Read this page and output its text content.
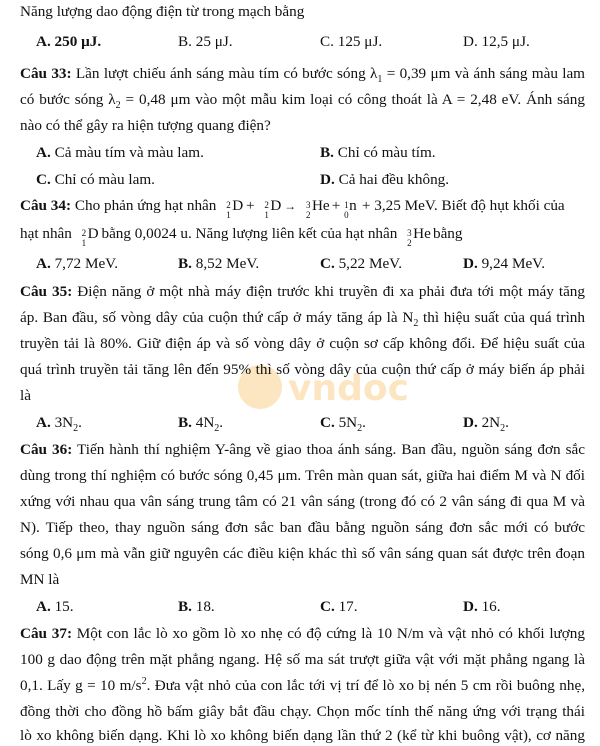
vndoc
Năng lượng dao động điện từ trong mạch bằng
A. 250 μJ.	B. 25 μJ.	C. 125 μJ.	D. 12,5 μJ.
Câu 33: Lần lượt chiếu ánh sáng màu tím có bước sóng $\lambda_1 = 0,39$ μm và ánh sáng màu lam
có bước sóng $\lambda_2 = 0,48$ μm vào một mẫu kim loại có công thoát là A = 2,48 eV. Ánh sáng
nào có thể gây ra hiện tượng quang điện?
A. Cả màu tím và màu lam.	B. Chỉ có màu tím.
C. Chỉ có màu lam.	D. Cả hai đều không.
Câu 34: Cho phản ứng hạt nhân 2
1
D + 2
1
D → 3
2
He + 1
0
n + 3,25 MeV. Biết độ hụt khối của
hạt nhân 2
1
D bằng 0,0024 u. Năng lượng liên kết của hạt nhân 3
2
He bằng
A. 7,72 MeV.	B. 8,52 MeV.	C. 5,22 MeV.	D. 9,24 MeV.
Câu 35: Điện năng ở một nhà máy điện trước khi truyền đi xa phải đưa tới một máy tăng
áp. Ban đầu, số vòng dây của cuộn thứ cấp ở máy tăng áp là $N_2$ thì hiệu suất của quá trình
truyền tải là 80%. Giữ điện áp và số vòng dây ở cuộn sơ cấp không đổi. Để hiệu suất của
quá trình truyền tải tăng lên đến 95% thì số vòng dây của cuộn thứ cấp ở máy biến áp phải
là
A. $3N_2$.	B. $4N_2$.	C. $5N_2$.	D. $2N_2$.
Câu 36: Tiến hành thí nghiệm Y-âng về giao thoa ánh sáng. Ban đầu, nguồn sáng đơn sắc
dùng trong thí nghiệm có bước sóng 0,45 μm. Trên màn quan sát, giữa hai điểm M và N đối
xứng với nhau qua vân sáng trung tâm có 21 vân sáng (trong đó có 2 vân sáng đi qua M và
N). Tiếp theo, thay nguồn sáng đơn sắc ban đầu bằng nguồn sáng đơn sắc mới có bước
sóng 0,6 μm mà vẫn giữ nguyên các điều kiện khác thì số vân sáng quan sát được trên đoạn
MN là
A. 15.	B. 18.	C. 17.	D. 16.
Câu 37: Một con lắc lò xo gồm lò xo nhẹ có độ cứng là 10 N/m và vật nhỏ có khối lượng
100 g dao động trên mặt phẳng ngang. Hệ số ma sát trượt giữa vật với mặt phẳng ngang là
0,1. Lấy g = 10 $m/s^2$. Đưa vật nhỏ của con lắc tới vị trí để lò xo bị nén 5 cm rồi buông nhẹ,
đồng thời cho đồng hồ bấm giây bắt đầu chạy. Chọn mốc tính thế năng ứng với trạng thái
lò xo không biến dạng. Khi lò xo không biến dạng lần thứ 2 (kể từ khi buông vật), cơ năng
